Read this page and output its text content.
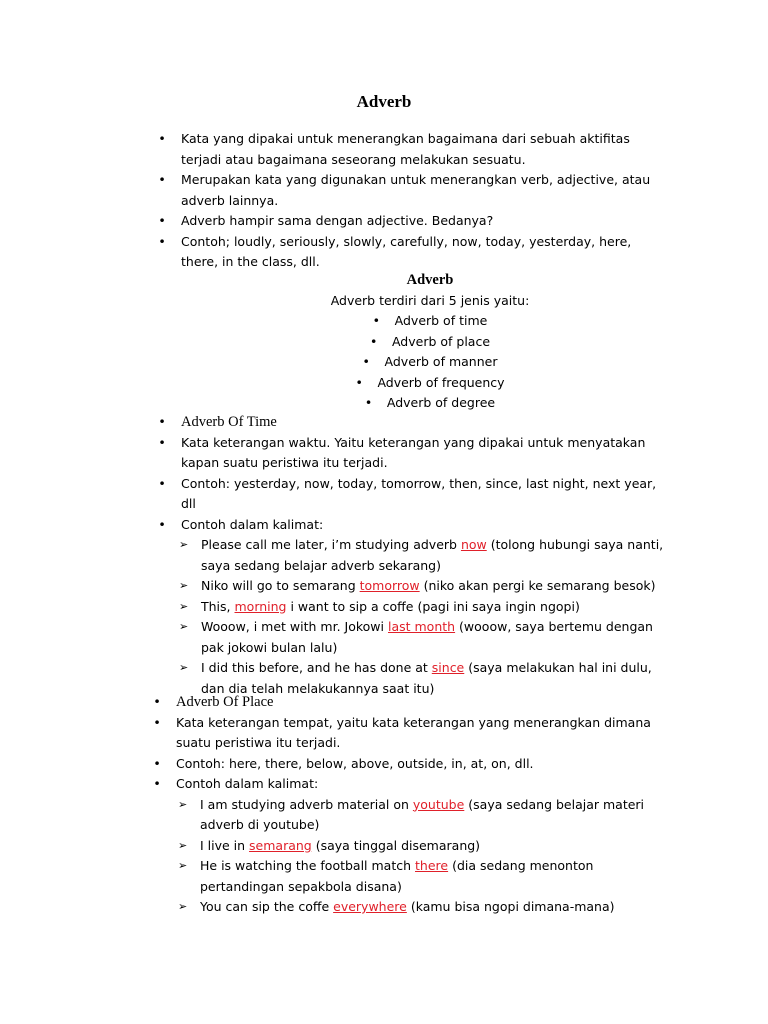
Adverb
• Kata yang dipakai untuk menerangkan bagaimana dari sebuah aktifitas terjadi atau bagaimana seseorang melakukan sesuatu.
• Merupakan kata yang digunakan untuk menerangkan verb, adjective, atau adverb lainnya.
• Adverb hampir sama dengan adjective. Bedanya?
• Contoh; loudly, seriously, slowly, carefully, now, today, yesterday, here, there, in the class, dll.
Adverb
Adverb terdiri dari 5 jenis yaitu:
•	Adverb of time
•	Adverb of place
•	Adverb of manner
•	Adverb of frequency
•	Adverb of degree
• Adverb Of Time
• Kata keterangan waktu. Yaitu keterangan yang dipakai untuk menyatakan kapan suatu peristiwa itu terjadi.
• Contoh: yesterday, now, today, tomorrow, then, since, last night, next year, dll
• Contoh dalam kalimat:
➢ Please call me later, i’m studying adverb now (tolong hubungi saya nanti, saya sedang belajar adverb sekarang)
➢ Niko will go to semarang tomorrow (niko akan pergi ke semarang besok)
➢ This, morning i want to sip a coffe (pagi ini saya ingin ngopi)
➢ Wooow, i met with mr. Jokowi last month (wooow, saya bertemu dengan pak jokowi bulan lalu)
➢ I did this before, and he has done at since (saya melakukan hal ini dulu, dan dia telah melakukannya saat itu)
• Adverb Of Place
• Kata keterangan tempat, yaitu kata keterangan yang menerangkan dimana suatu peristiwa itu terjadi.
• Contoh: here, there, below, above, outside, in, at, on, dll.
• Contoh dalam kalimat:
➢ I am studying adverb material on youtube (saya sedang belajar materi adverb di youtube)
➢ I live in semarang (saya tinggal disemarang)
➢ He is watching the football match there (dia sedang menonton pertandingan sepakbola disana)
➢ You can sip the coffe everywhere (kamu bisa ngopi dimana-mana)
